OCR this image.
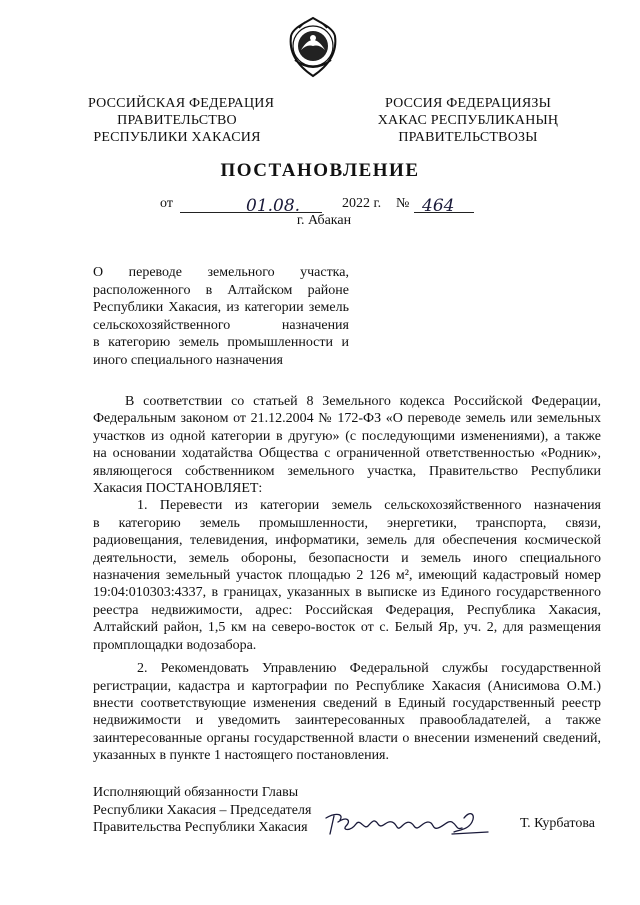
РОССИЙСКАЯ ФЕДЕРАЦИЯ
ПРАВИТЕЛЬСТВО
РЕСПУБЛИКИ ХАКАСИЯ
РОССИЯ ФЕДЕРАЦИЯЗЫ
ХАКАС РЕСПУБЛИКАНЫҢ
ПРАВИТЕЛЬСТВОЗЫ
ПОСТАНОВЛЕНИЕ
от	01.08.	2022 г. № 464
г. Абакан
О переводе земельного участка,
расположенного в Алтайском районе
Республики Хакасия, из категории земель
сельскохозяйственного назначения
в категорию земель промышленности и
иного специального назначения
В соответствии со статьей 8 Земельного кодекса Российской Федерации,
Федеральным законом от 21.12.2004 № 172-ФЗ «О переводе земель или земельных
участков из одной категории в другую» (с последующими изменениями), а также
на основании ходатайства Общества с ограниченной ответственностью «Родник»,
являющегося собственником земельного участка, Правительство Республики
Хакасия ПОСТАНОВЛЯЕТ:
1. Перевести из категории земель сельскохозяйственного назначения
в категорию земель промышленности, энергетики, транспорта, связи,
радиовещания, телевидения, информатики, земель для обеспечения космической
деятельности, земель обороны, безопасности и земель иного специального
назначения земельный участок площадью 2 126 м², имеющий кадастровый номер
19:04:010303:4337, в границах, указанных в выписке из Единого государственного
реестра недвижимости, адрес: Российская Федерация, Республика Хакасия,
Алтайский район, 1,5 км на северо-восток от с. Белый Яр, уч. 2, для размещения
промплощадки водозабора.
2. Рекомендовать Управлению Федеральной службы государственной
регистрации, кадастра и картографии по Республике Хакасия (Анисимова О.М.)
внести соответствующие изменения сведений в Единый государственный реестр
недвижимости и уведомить заинтересованных правообладателей, а также
заинтересованные органы государственной власти о внесении изменений сведений,
указанных в пункте 1 настоящего постановления.
Исполняющий обязанности Главы
Республики Хакасия – Председателя
Правительства Республики Хакасия	Т. Курбатова
